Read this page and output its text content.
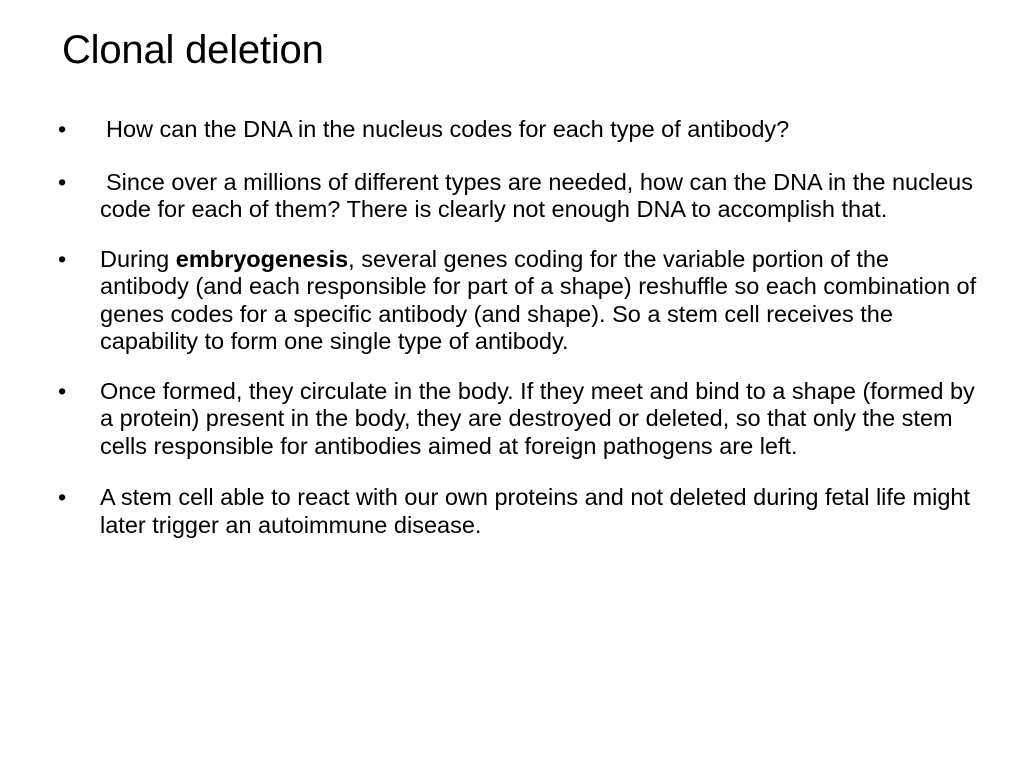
Clonal deletion
•	How can the DNA in the nucleus codes for each type of antibody?
•	Since over a millions of different types are needed, how can the DNA in the nucleus code for each of them? There is clearly not enough DNA to accomplish that.
•	During embryogenesis, several genes coding for the variable portion of the antibody (and each responsible for part of a shape) reshuffle so each combination of genes codes for a specific antibody (and shape). So a stem cell receives the capability to form one single type of antibody.
•	Once formed, they circulate in the body. If they meet and bind to a shape (formed by a protein) present in the body, they are destroyed or deleted, so that only the stem cells responsible for antibodies aimed at foreign pathogens are left.
•	A stem cell able to react with our own proteins and not deleted during fetal life might later trigger an autoimmune disease.
